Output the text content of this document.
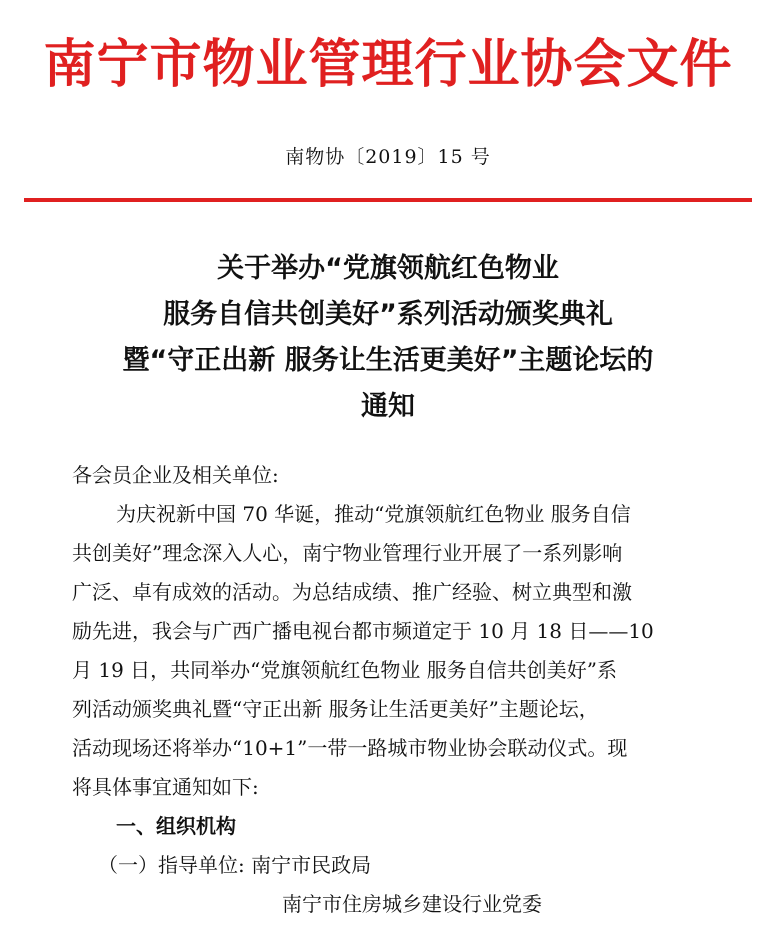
南宁市物业管理行业协会文件
南物协〔2019〕15 号
关于举办“党旗领航红色物业
服务自信共创美好”系列活动颁奖典礼
暨“守正出新 服务让生活更美好”主题论坛的
通知
各会员企业及相关单位:
为庆祝新中国 70 华诞，推动“党旗领航红色物业 服务自信
共创美好”理念深入人心，南宁物业管理行业开展了一系列影响
广泛、卓有成效的活动。为总结成绩、推广经验、树立典型和激
励先进，我会与广西广播电视台都市频道定于 10 月 18 日——10
月 19 日，共同举办“党旗领航红色物业 服务自信共创美好”系
列活动颁奖典礼暨“守正出新 服务让生活更美好”主题论坛，
活动现场还将举办“10+1”一带一路城市物业协会联动仪式。现
将具体事宜通知如下:
一、组织机构
（一）指导单位: 南宁市民政局
南宁市住房城乡建设行业党委
